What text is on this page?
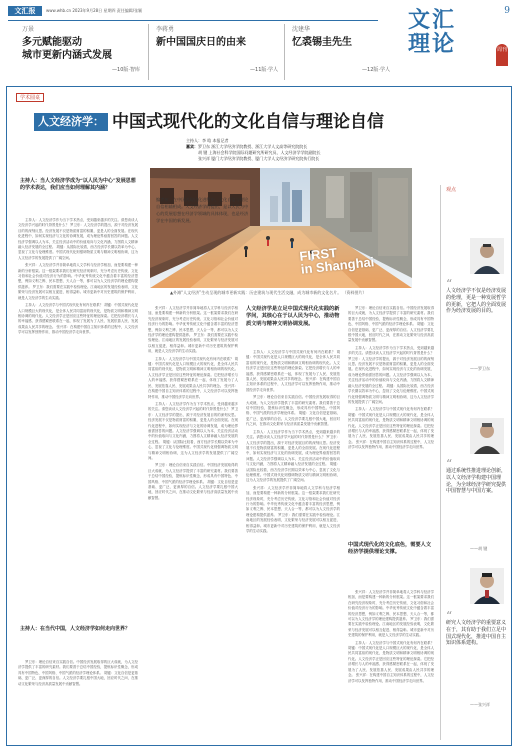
文汇报	www.whb.cn 2023年9月28日 星期四 责任编辑/张颖
万景
多元赋能驱动
城市更新内涵式发展
—10版·智库
李蒋勇
新中国国庆日的由来
—11版·学人
沈建华
忆裘锡圭先生
—12版·学人
文汇
理论
9
周刊
学术圆桌
人文经济学： 中国式现代化的文化自信与理论自信
主持人：李 晗 本报记者
嘉宾： 罗卫东 浙江大学经济学院教授、浙江大学人文高等研究院院长
胡 键 上海社会科学院国际问题研究所研究员、人文经济学学院副院长
张兴祥 厦门大学经济学院教授、厦门大学人文经济学研究院执行院长
FIRST
in Shanghai
编者按：在中国式现代化进程中，文化自信与理论自信相辅相成。人文经济学的提出，是以人民为中心的发展思想在经济学领域的具体体现，也是经济学在中国的新发展。
▲外滩“人文经济”生动呈现的城市更新实践：历史建筑与现代生活交融，成为城市新的文化名片。 （资料图片）
主持人：当人文经济学成为“以人民为中心”发展思想的学术表达，我们应当如何理解其内涵？

主持人：人文经济学作为当下学术热点，受到越来越多的关注。请您谈谈人文经济学兴起的时代背景是什么？ 罗卫东：人文经济学的提出，源于对经济发展目的的深刻反思。经济发展不仅是物质财富的积累，更是人的全面发展。在现代化进程中，如何实现经济与文化的协调发展，成为理论界亟需回答的问题。人文经济学强调以人为本，关注经济活动中的价值取向与文化内涵，力图将人文精神融入经济发展的全过程。 胡键：从国际比较看，西方经济学长期以效率为中心，忽视了文化与伦理维度。中国式现代化则强调物质文明与精神文明相协调，这为人文经济学的发展提供了广阔空间。

张兴祥：人文经济学并非简单地将人文学科与经济学相加，而是要构建一种新的分析框架。这一框架要求我们在研究经济现象时，充分考虑历史传统、文化习俗和社会价值对经济行为的影响。中华优秀传统文化中蕴含着丰富的经济思想，例如义利之辨、民本思想、天人合一等，都可以为人文经济学的理论建构提供滋养。 罗卫东：我们需要在实践中检验理论。江南地区的发展经验表明，文化繁荣与经济发展可以相互促进、相得益彰。城市更新中对历史建筑的保护利用，就是人文经济学的生动实践。

主持人：人文经济学与中国式现代化有何内在联系？ 胡键：中国式现代化是人口规模巨大的现代化，是全体人民共同富裕的现代化，是物质文明和精神文明相协调的现代化。人文经济学正是回应这些特征的理论探索。它把经济增长与人的幸福感、获得感紧密联系在一起，体现了发展为了人民、发展依靠人民、发展成果由人民共享的理念。 张兴祥：在构建中国自主知识体系的过程中，人文经济学可以发挥独特作用，推动中国经济学走向世界。

主持人：在当代中国，人文经济学如何走向世界？

罗卫东：理论自信来自实践自信。中国经济发展取得的巨大成就，为人文经济学提供了丰富的研究素材。我们要善于总结中国经验，提炼标识性概念，形成具有中国特色、中国风格、中国气派的经济学理论体系。 胡键：文化自信是更基础、更广泛、更深厚的自信。人文经济学要扎根中国大地，回应时代之问，在推动文化繁荣与经济高质量发展中贡献智慧。

张兴祥：人文经济学并非简单地将人文学科与经济学相加，而是要构建一种新的分析框架。这一框架要求我们在研究经济现象时，充分考虑历史传统、文化习俗和社会价值对经济行为的影响。中华优秀传统文化中蕴含着丰富的经济思想，例如义利之辨、民本思想、天人合一等，都可以为人文经济学的理论建构提供滋养。 罗卫东：我们需要在实践中检验理论。江南地区的发展经验表明，文化繁荣与经济发展可以相互促进、相得益彰。城市更新中对历史建筑的保护利用，就是人文经济学的生动实践。

主持人：人文经济学与中国式现代化有何内在联系？ 胡键：中国式现代化是人口规模巨大的现代化，是全体人民共同富裕的现代化，是物质文明和精神文明相协调的现代化。人文经济学正是回应这些特征的理论探索。它把经济增长与人的幸福感、获得感紧密联系在一起，体现了发展为了人民、发展依靠人民、发展成果由人民共享的理念。 张兴祥：在构建中国自主知识体系的过程中，人文经济学可以发挥独特作用，推动中国经济学走向世界。

主持人：人文经济学作为当下学术热点，受到越来越多的关注。请您谈谈人文经济学兴起的时代背景是什么？ 罗卫东：人文经济学的提出，源于对经济发展目的的深刻反思。经济发展不仅是物质财富的积累，更是人的全面发展。在现代化进程中，如何实现经济与文化的协调发展，成为理论界亟需回答的问题。人文经济学强调以人为本，关注经济活动中的价值取向与文化内涵，力图将人文精神融入经济发展的全过程。 胡键：从国际比较看，西方经济学长期以效率为中心，忽视了文化与伦理维度。中国式现代化则强调物质文明与精神文明相协调，这为人文经济学的发展提供了广阔空间。

罗卫东：理论自信来自实践自信。中国经济发展取得的巨大成就，为人文经济学提供了丰富的研究素材。我们要善于总结中国经验，提炼标识性概念，形成具有中国特色、中国风格、中国气派的经济学理论体系。 胡键：文化自信是更基础、更广泛、更深厚的自信。人文经济学要扎根中国大地，回应时代之问，在推动文化繁荣与经济高质量发展中贡献智慧。

人文经济学是立足中国式现代化实践的新学问，其核心在于以人民为中心，推动物质文明与精神文明协调发展。

主持人：人文经济学与中国式现代化有何内在联系？ 胡键：中国式现代化是人口规模巨大的现代化，是全体人民共同富裕的现代化，是物质文明和精神文明相协调的现代化。人文经济学正是回应这些特征的理论探索。它把经济增长与人的幸福感、获得感紧密联系在一起，体现了发展为了人民、发展依靠人民、发展成果由人民共享的理念。 张兴祥：在构建中国自主知识体系的过程中，人文经济学可以发挥独特作用，推动中国经济学走向世界。

罗卫东：理论自信来自实践自信。中国经济发展取得的巨大成就，为人文经济学提供了丰富的研究素材。我们要善于总结中国经验，提炼标识性概念，形成具有中国特色、中国风格、中国气派的经济学理论体系。 胡键：文化自信是更基础、更广泛、更深厚的自信。人文经济学要扎根中国大地，回应时代之问，在推动文化繁荣与经济高质量发展中贡献智慧。

主持人：人文经济学作为当下学术热点，受到越来越多的关注。请您谈谈人文经济学兴起的时代背景是什么？ 罗卫东：人文经济学的提出，源于对经济发展目的的深刻反思。经济发展不仅是物质财富的积累，更是人的全面发展。在现代化进程中，如何实现经济与文化的协调发展，成为理论界亟需回答的问题。人文经济学强调以人为本，关注经济活动中的价值取向与文化内涵，力图将人文精神融入经济发展的全过程。 胡键：从国际比较看，西方经济学长期以效率为中心，忽视了文化与伦理维度。中国式现代化则强调物质文明与精神文明相协调，这为人文经济学的发展提供了广阔空间。

张兴祥：人文经济学并非简单地将人文学科与经济学相加，而是要构建一种新的分析框架。这一框架要求我们在研究经济现象时，充分考虑历史传统、文化习俗和社会价值对经济行为的影响。中华优秀传统文化中蕴含着丰富的经济思想，例如义利之辨、民本思想、天人合一等，都可以为人文经济学的理论建构提供滋养。 罗卫东：我们需要在实践中检验理论。江南地区的发展经验表明，文化繁荣与经济发展可以相互促进、相得益彰。城市更新中对历史建筑的保护利用，就是人文经济学的生动实践。

罗卫东：理论自信来自实践自信。中国经济发展取得的巨大成就，为人文经济学提供了丰富的研究素材。我们要善于总结中国经验，提炼标识性概念，形成具有中国特色、中国风格、中国气派的经济学理论体系。 胡键：文化自信是更基础、更广泛、更深厚的自信。人文经济学要扎根中国大地，回应时代之问，在推动文化繁荣与经济高质量发展中贡献智慧。

主持人：人文经济学作为当下学术热点，受到越来越多的关注。请您谈谈人文经济学兴起的时代背景是什么？ 罗卫东：人文经济学的提出，源于对经济发展目的的深刻反思。经济发展不仅是物质财富的积累，更是人的全面发展。在现代化进程中，如何实现经济与文化的协调发展，成为理论界亟需回答的问题。人文经济学强调以人为本，关注经济活动中的价值取向与文化内涵，力图将人文精神融入经济发展的全过程。 胡键：从国际比较看，西方经济学长期以效率为中心，忽视了文化与伦理维度。中国式现代化则强调物质文明与精神文明相协调，这为人文经济学的发展提供了广阔空间。

主持人：人文经济学与中国式现代化有何内在联系？ 胡键：中国式现代化是人口规模巨大的现代化，是全体人民共同富裕的现代化，是物质文明和精神文明相协调的现代化。人文经济学正是回应这些特征的理论探索。它把经济增长与人的幸福感、获得感紧密联系在一起，体现了发展为了人民、发展依靠人民、发展成果由人民共享的理念。 张兴祥：在构建中国自主知识体系的过程中，人文经济学可以发挥独特作用，推动中国经济学走向世界。

中国式现代化的文化底色，需要人文经济学提供理论支撑。

张兴祥：人文经济学并非简单地将人文学科与经济学相加，而是要构建一种新的分析框架。这一框架要求我们在研究经济现象时，充分考虑历史传统、文化习俗和社会价值对经济行为的影响。中华优秀传统文化中蕴含着丰富的经济思想，例如义利之辨、民本思想、天人合一等，都可以为人文经济学的理论建构提供滋养。 罗卫东：我们需要在实践中检验理论。江南地区的发展经验表明，文化繁荣与经济发展可以相互促进、相得益彰。城市更新中对历史建筑的保护利用，就是人文经济学的生动实践。

主持人：人文经济学与中国式现代化有何内在联系？ 胡键：中国式现代化是人口规模巨大的现代化，是全体人民共同富裕的现代化，是物质文明和精神文明相协调的现代化。人文经济学正是回应这些特征的理论探索。它把经济增长与人的幸福感、获得感紧密联系在一起，体现了发展为了人民、发展依靠人民、发展成果由人民共享的理念。 张兴祥：在构建中国自主知识体系的过程中，人文经济学可以发挥独特作用，推动中国经济学走向世界。

观点
“
人文经济学不仅是经济发展的伦理，更是一种发展哲学的更新，它把人的全面发展作为经济发展的目的。
——罗卫东
“
通过系统性推进理论创新，以人文经济学构建中国理论，为全球经济学研究提供中国智慧与中国方案。
——胡 键
“
研究人文经济学的重要意义在于，其有助于我们立足中国式现代化，推进中国自主知识体系建构。
——张兴祥
